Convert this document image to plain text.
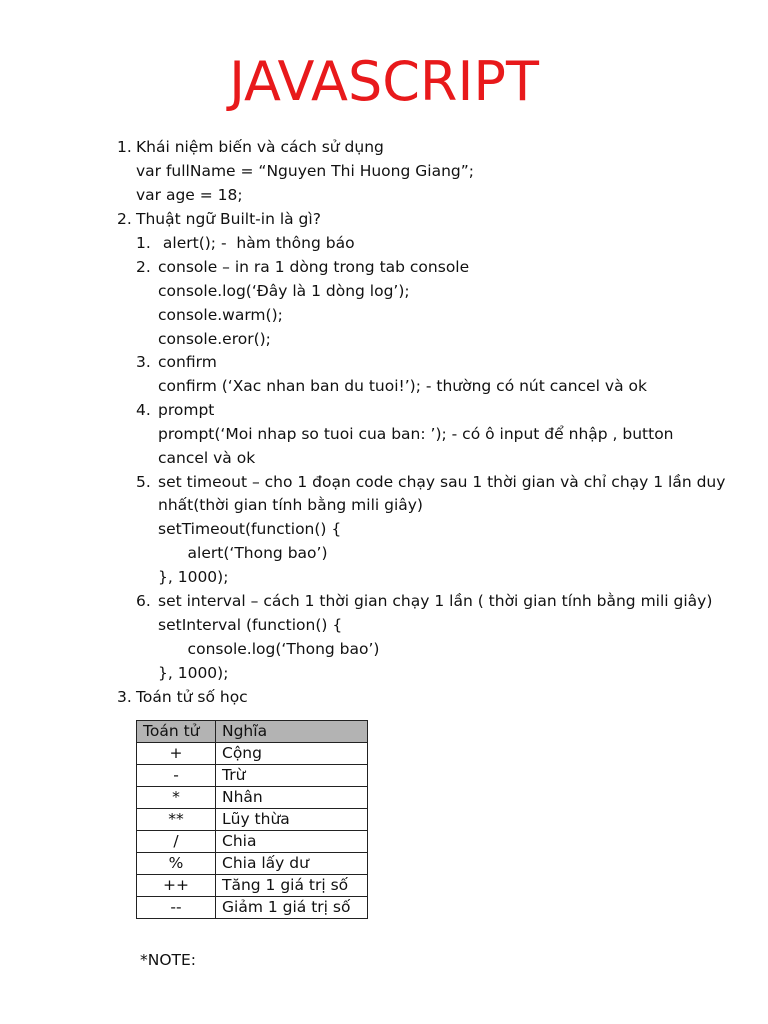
JAVASCRIPT
1. Khái niệm biến và cách sử dụng
var fullName = “Nguyen Thi Huong Giang”;
var age = 18;
2. Thuật ngữ Built-in là gì?
1. alert(); -  hàm thông báo
2. console – in ra 1 dòng trong tab console
console.log(‘Đây là 1 dòng log’);
console.warm();
console.eror();
3. confirm
confirm (‘Xac nhan ban du tuoi!’); - thường có nút cancel và ok
4. prompt
prompt(‘Moi nhap so tuoi cua ban: ’); - có ô input để nhập , button
cancel và ok
5. set timeout – cho 1 đoạn code chạy sau 1 thời gian và chỉ chạy 1 lần duy
nhất(thời gian tính bằng mili giây)
setTimeout(function() {
alert(‘Thong bao’)
}, 1000);
6. set interval – cách 1 thời gian chạy 1 lần ( thời gian tính bằng mili giây)
setInterval (function() {
console.log(‘Thong bao’)
}, 1000);
3. Toán tử số học
Toán tử	Nghĩa
+	Cộng
-	Trừ
*	Nhân
**	Lũy thừa
/	Chia
%	Chia lấy dư
++	Tăng 1 giá trị số
--	Giảm 1 giá trị số
*NOTE:
